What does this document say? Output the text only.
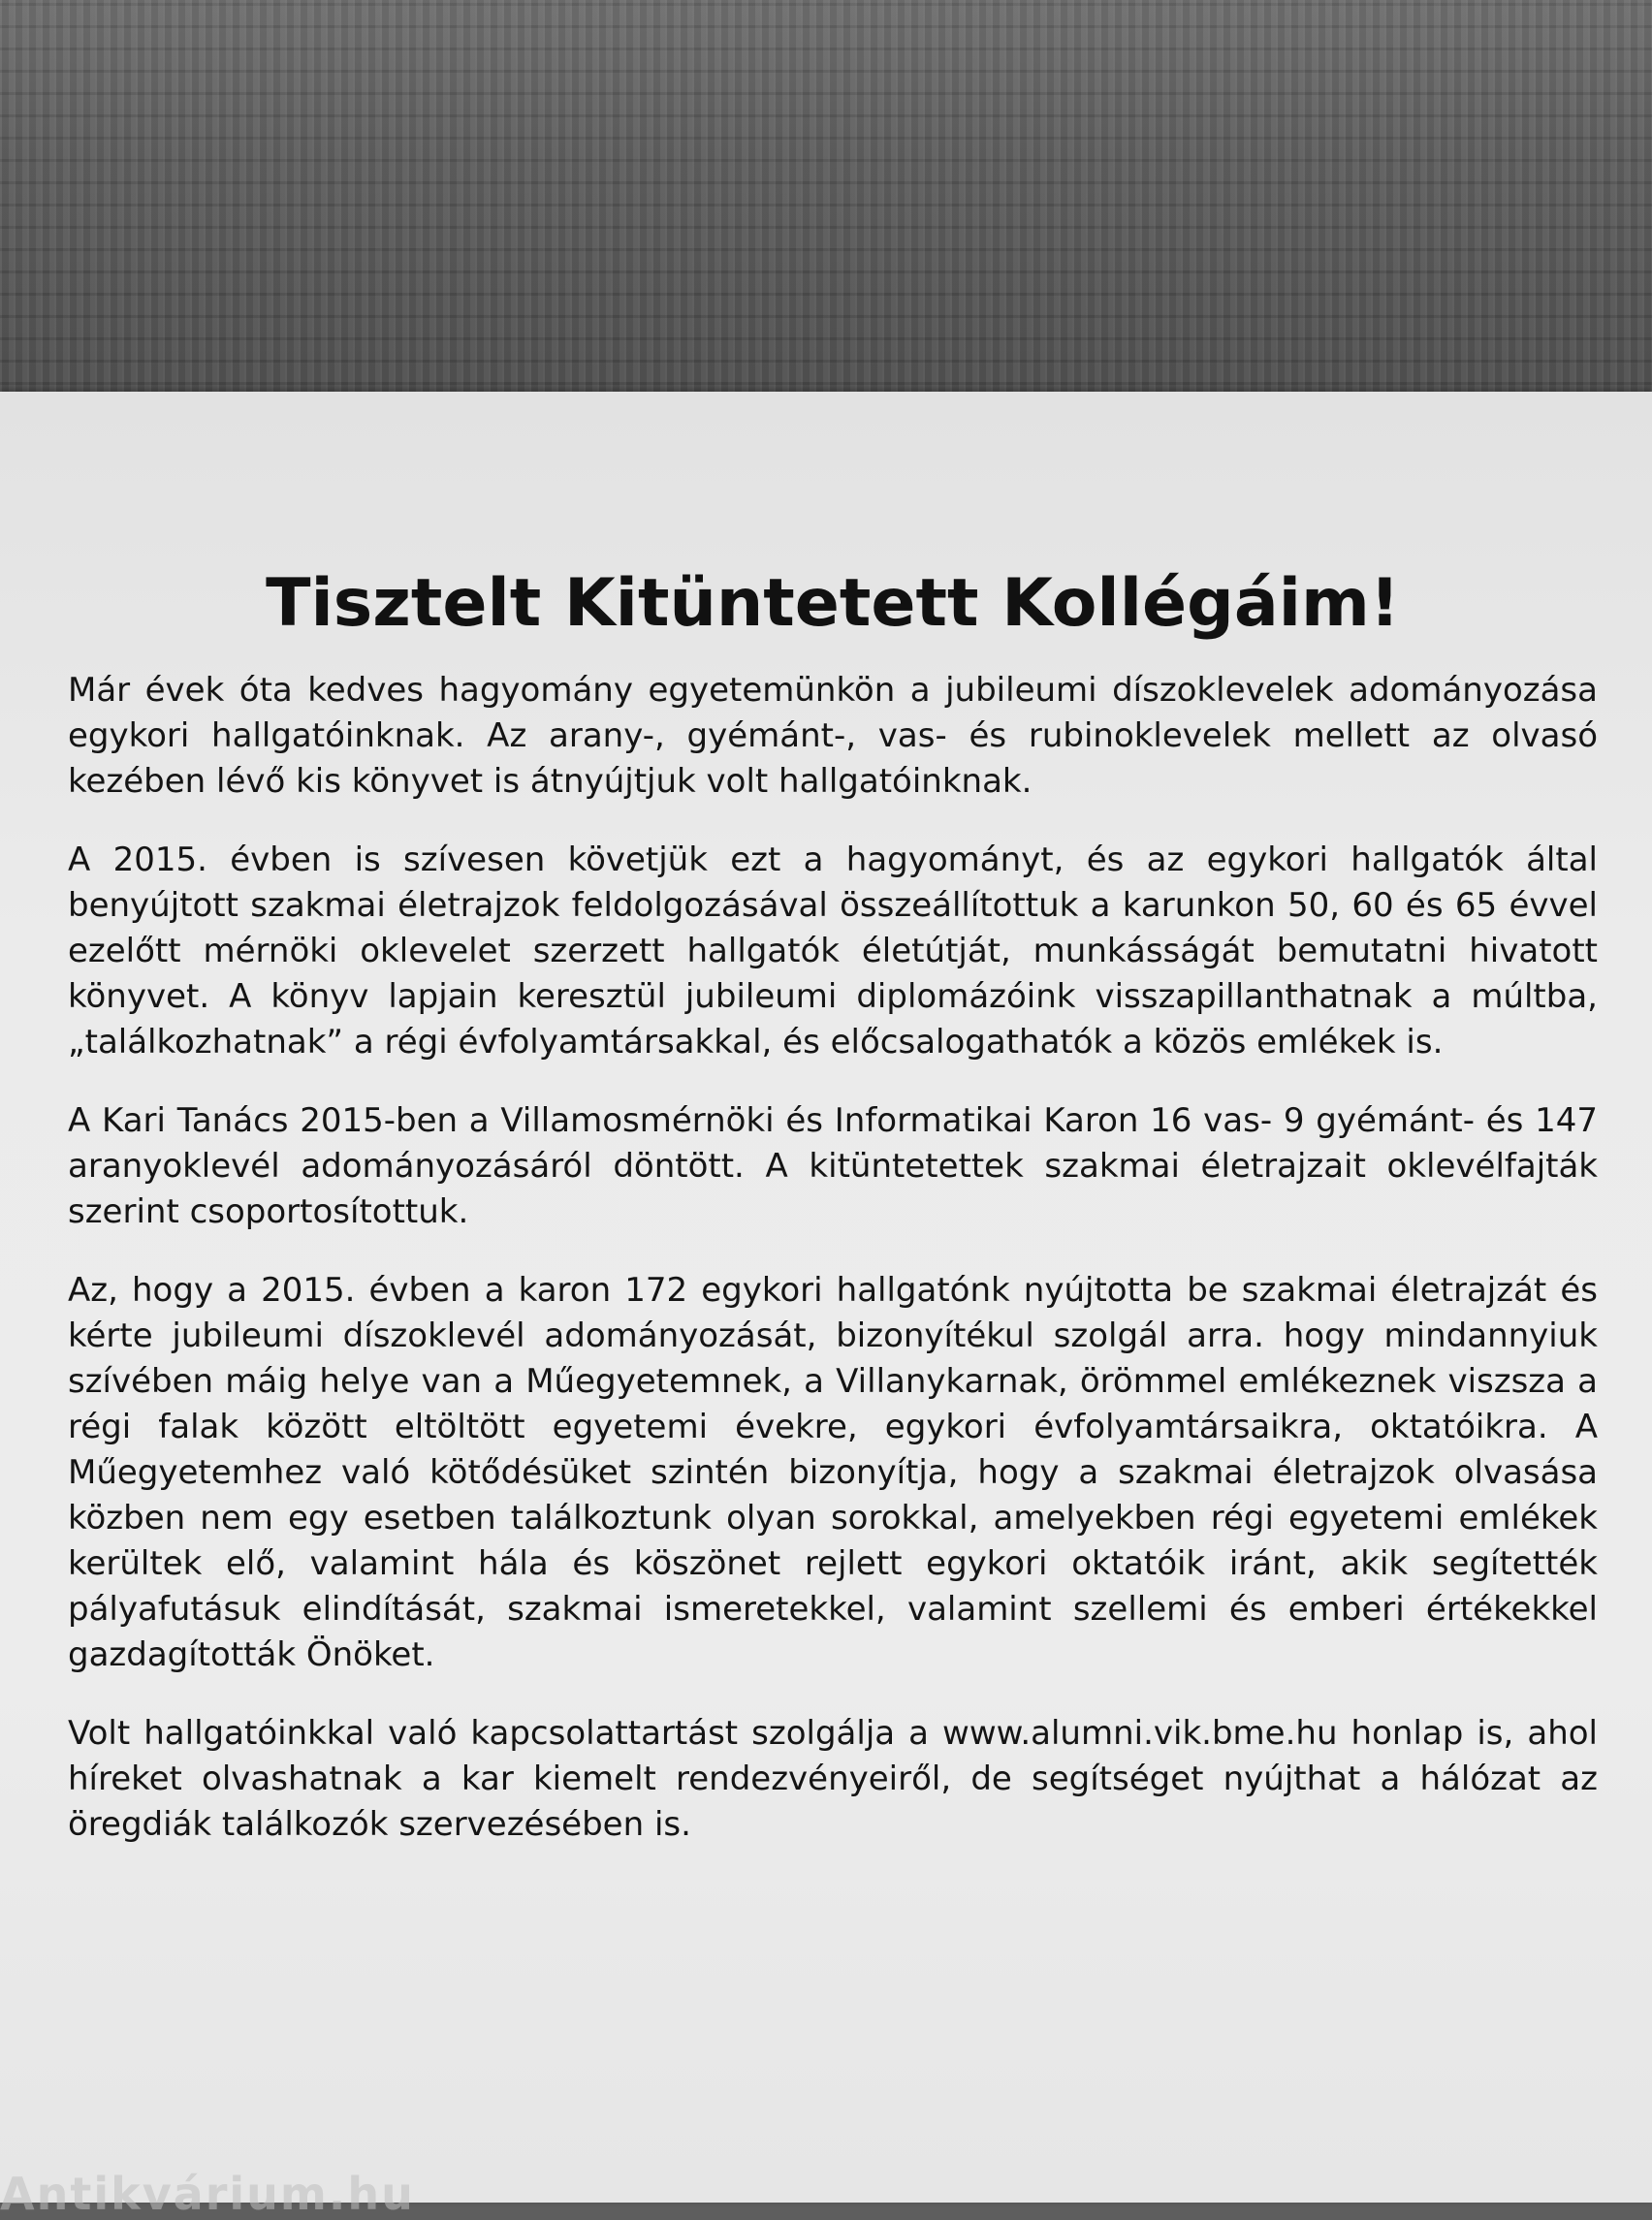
Tisztelt Kitüntetett Kollégáim!

Már évek óta kedves hagyomány egyetemünkön a jubileumi díszoklevelek adományozása egykori hallgatóinknak. Az arany-, gyémánt-, vas- és rubinoklevelek mellett az olvasó kezében lévő kis könyvet is átnyújtjuk volt hallgatóinknak.

A 2015. évben is szívesen követjük ezt a hagyományt, és az egykori hallgatók által benyújtott szakmai életrajzok feldolgozásával összeállítottuk a karunkon 50, 60 és 65 évvel ezelőtt mérnöki oklevelet szerzett hallgatók életútját, munkásságát bemutatni hivatott könyvet. A könyv lapjain keresztül jubileumi diplomázóink visszapillanthatnak a múltba, „találkozhatnak” a régi évfolyamtársakkal, és előcsalogathatók a közös emlékek is.

A Kari Tanács 2015-ben a Villamosmérnöki és Informatikai Karon 16 vas- 9 gyémánt- és 147 aranyoklevél adományozásáról döntött. A kitüntetettek szakmai életrajzait oklevélfajták szerint csoportosítottuk.

Az, hogy a 2015. évben a karon 172 egykori hallgatónk nyújtotta be szakmai életrajzát és kérte jubileumi díszoklevél adományozását, bizonyítékul szolgál arra. hogy mindannyiuk szívében máig helye van a Műegyetemnek, a Villanykarnak, örömmel emlékeznek viszsza a régi falak között eltöltött egyetemi évekre, egykori évfolyamtársaikra, oktatóikra. A Műegyetemhez való kötődésüket szintén bizonyítja, hogy a szakmai életrajzok olvasása közben nem egy esetben találkoztunk olyan sorokkal, amelyekben régi egyetemi emlékek kerültek elő, valamint hála és köszönet rejlett egykori oktatóik iránt, akik segítették pályafutásuk elindítását, szakmai ismeretekkel, valamint szellemi és emberi értékekkel gazdagították Önöket.

Volt hallgatóinkkal való kapcsolattartást szolgálja a www.alumni.vik.bme.hu honlap is, ahol híreket olvashatnak a kar kiemelt rendezvényeiről, de segítséget nyújthat a hálózat az öregdiák találkozók szervezésében is.

Antikvárium.hu
